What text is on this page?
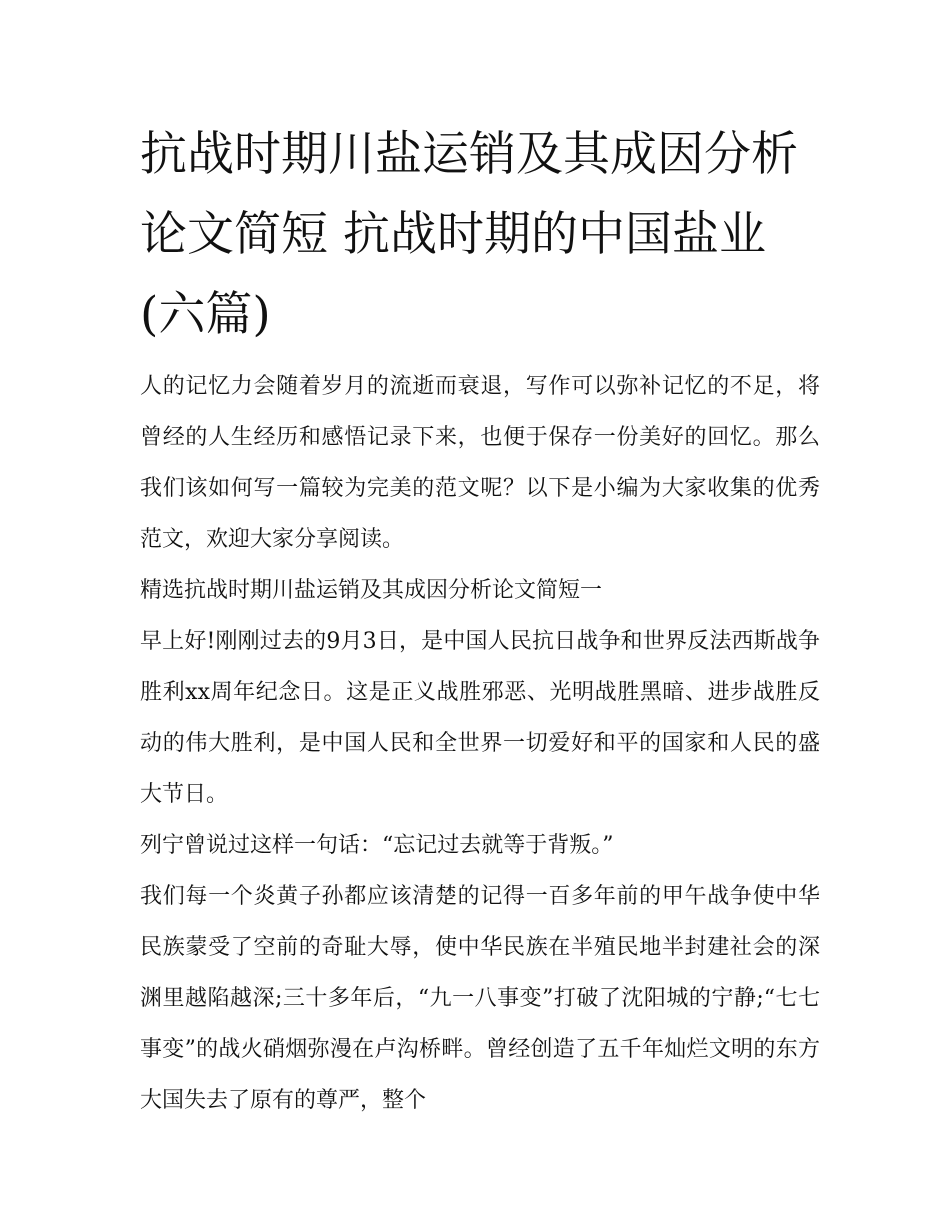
抗战时期川盐运销及其成因分析论文简短 抗战时期的中国盐业(六篇)

人的记忆力会随着岁月的流逝而衰退，写作可以弥补记忆的不足，将曾经的人生经历和感悟记录下来，也便于保存一份美好的回忆。那么我们该如何写一篇较为完美的范文呢？以下是小编为大家收集的优秀范文，欢迎大家分享阅读。

精选抗战时期川盐运销及其成因分析论文简短一

早上好!刚刚过去的9月3日，是中国人民抗日战争和世界反法西斯战争胜利xx周年纪念日。这是正义战胜邪恶、光明战胜黑暗、进步战胜反动的伟大胜利，是中国人民和全世界一切爱好和平的国家和人民的盛大节日。

列宁曾说过这样一句话：“忘记过去就等于背叛。”

我们每一个炎黄子孙都应该清楚的记得一百多年前的甲午战争使中华民族蒙受了空前的奇耻大辱，使中华民族在半殖民地半封建社会的深渊里越陷越深;三十多年后，“九一八事变”打破了沈阳城的宁静;“七七事变”的战火硝烟弥漫在卢沟桥畔。曾经创造了五千年灿烂文明的东方大国失去了原有的尊严，整个
